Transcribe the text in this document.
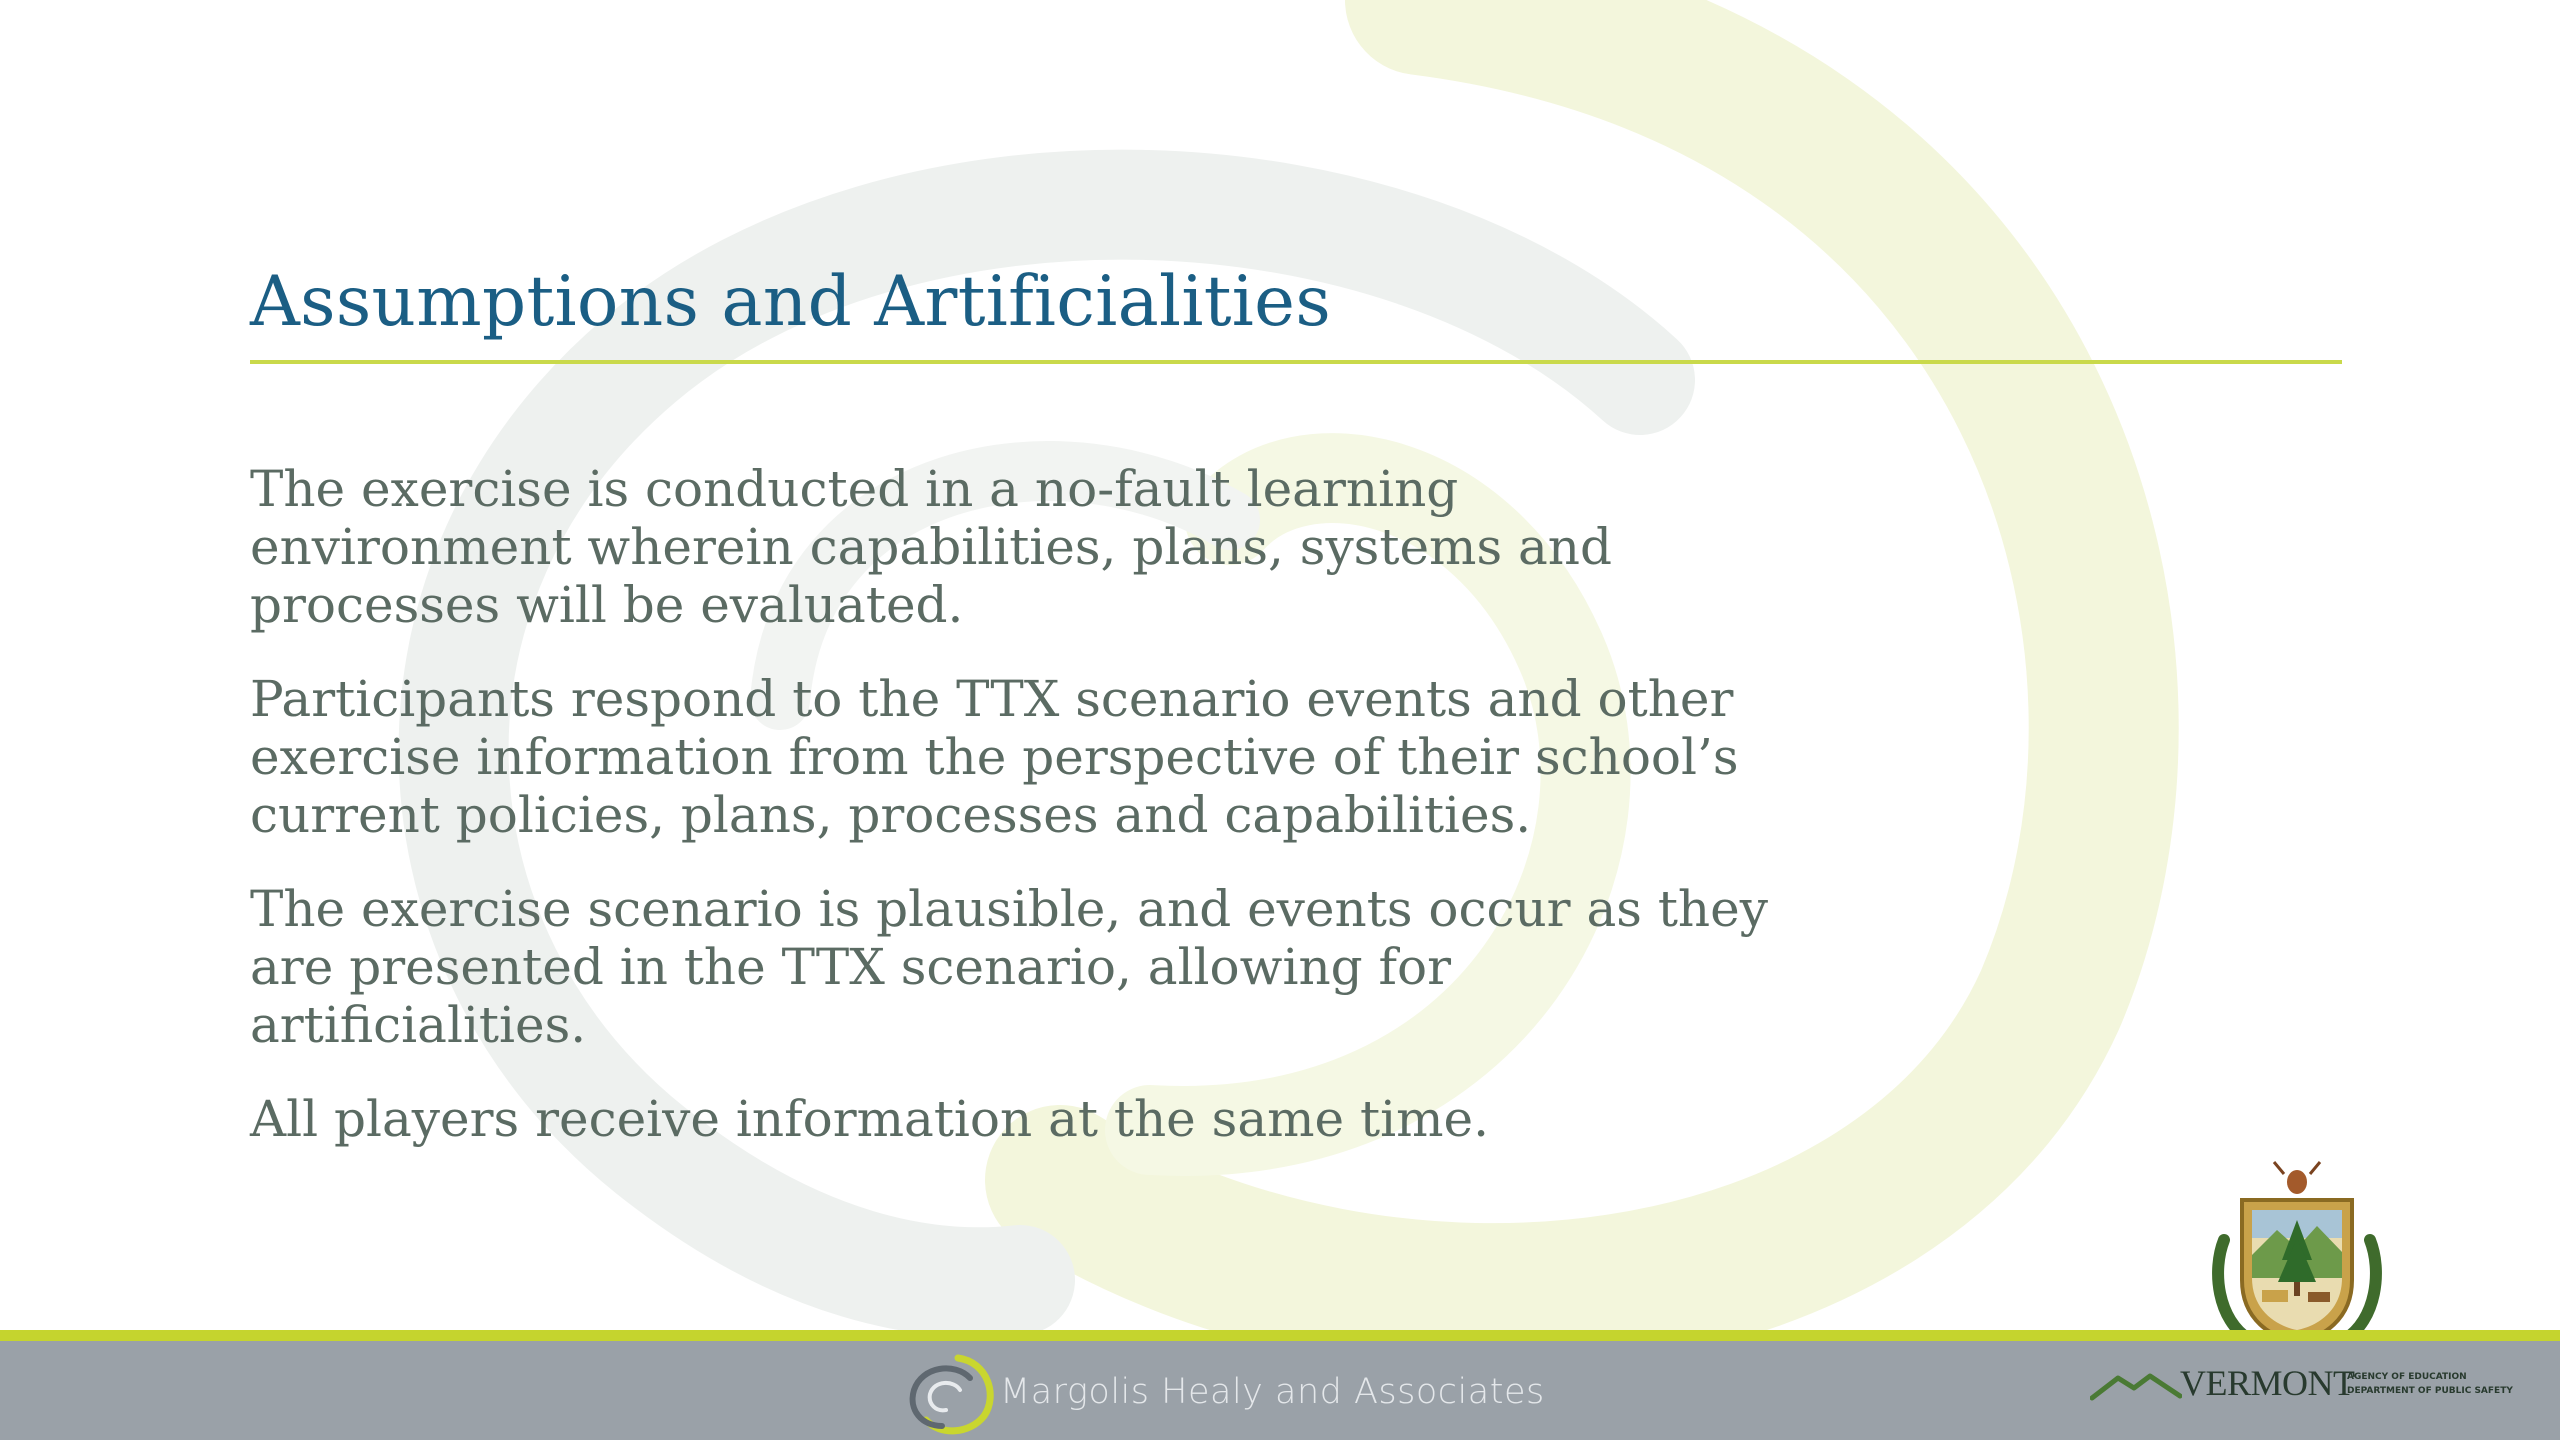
Assumptions and Artificialities

The exercise is conducted in a no-fault learning environment wherein capabilities, plans, systems and processes will be evaluated.

Participants respond to the TTX scenario events and other exercise information from the perspective of their school’s current policies, plans, processes and capabilities.

The exercise scenario is plausible, and events occur as they are presented in the TTX scenario, allowing for artificialities.

All players receive information at the same time.

Margolis Healy and Associates	VERMONT
AGENCY OF EDUCATION
DEPARTMENT OF PUBLIC SAFETY
